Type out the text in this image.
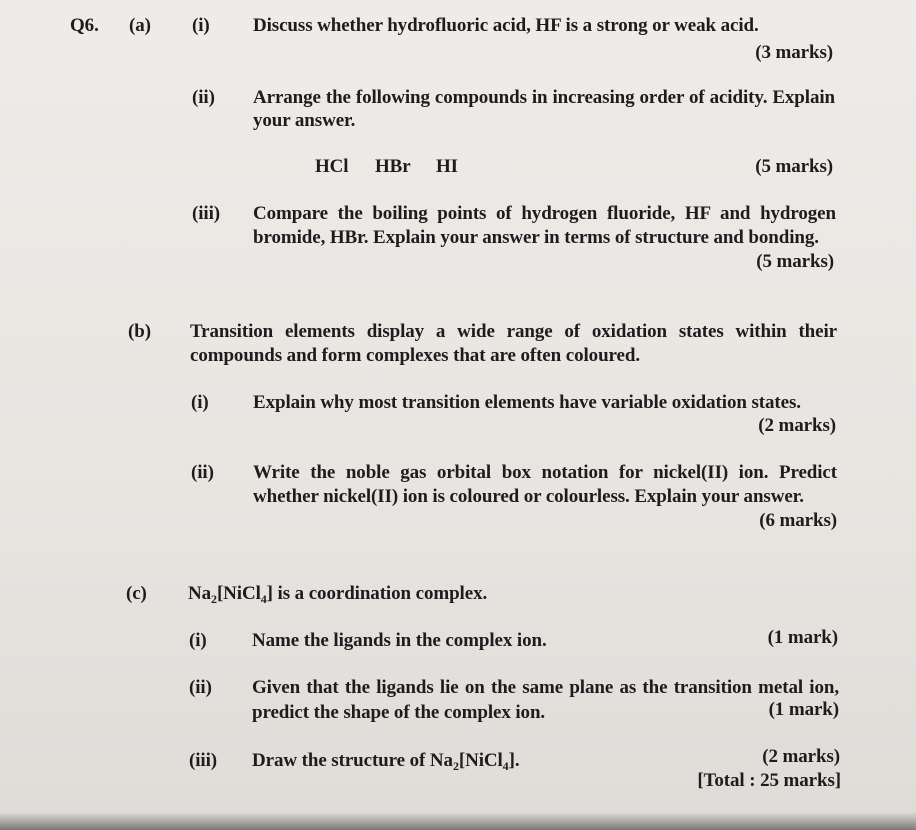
Q6. (a) (i) Discuss whether hydrofluoric acid, HF is a strong or weak acid.
(3 marks)
(ii) Arrange the following compounds in increasing order of acidity. Explain
your answer.
HCl HBr HI	(5 marks)
(iii) Compare the boiling points of hydrogen fluoride, HF and hydrogen
bromide, HBr. Explain your answer in terms of structure and bonding.
(5 marks)
(b) Transition elements display a wide range of oxidation states within their
compounds and form complexes that are often coloured.
(i) Explain why most transition elements have variable oxidation states.
(2 marks)
(ii) Write the noble gas orbital box notation for nickel(II) ion. Predict
whether nickel(II) ion is coloured or colourless. Explain your answer.
(6 marks)
(c) $Na_2[NiCl_4]$ is a coordination complex.
(i) Name the ligands in the complex ion.	(1 mark)
(ii) Given that the ligands lie on the same plane as the transition metal ion,
predict the shape of the complex ion.	(1 mark)
(iii) Draw the structure of $Na_2[NiCl_4]$.	(2 marks)
[Total : 25 marks]
